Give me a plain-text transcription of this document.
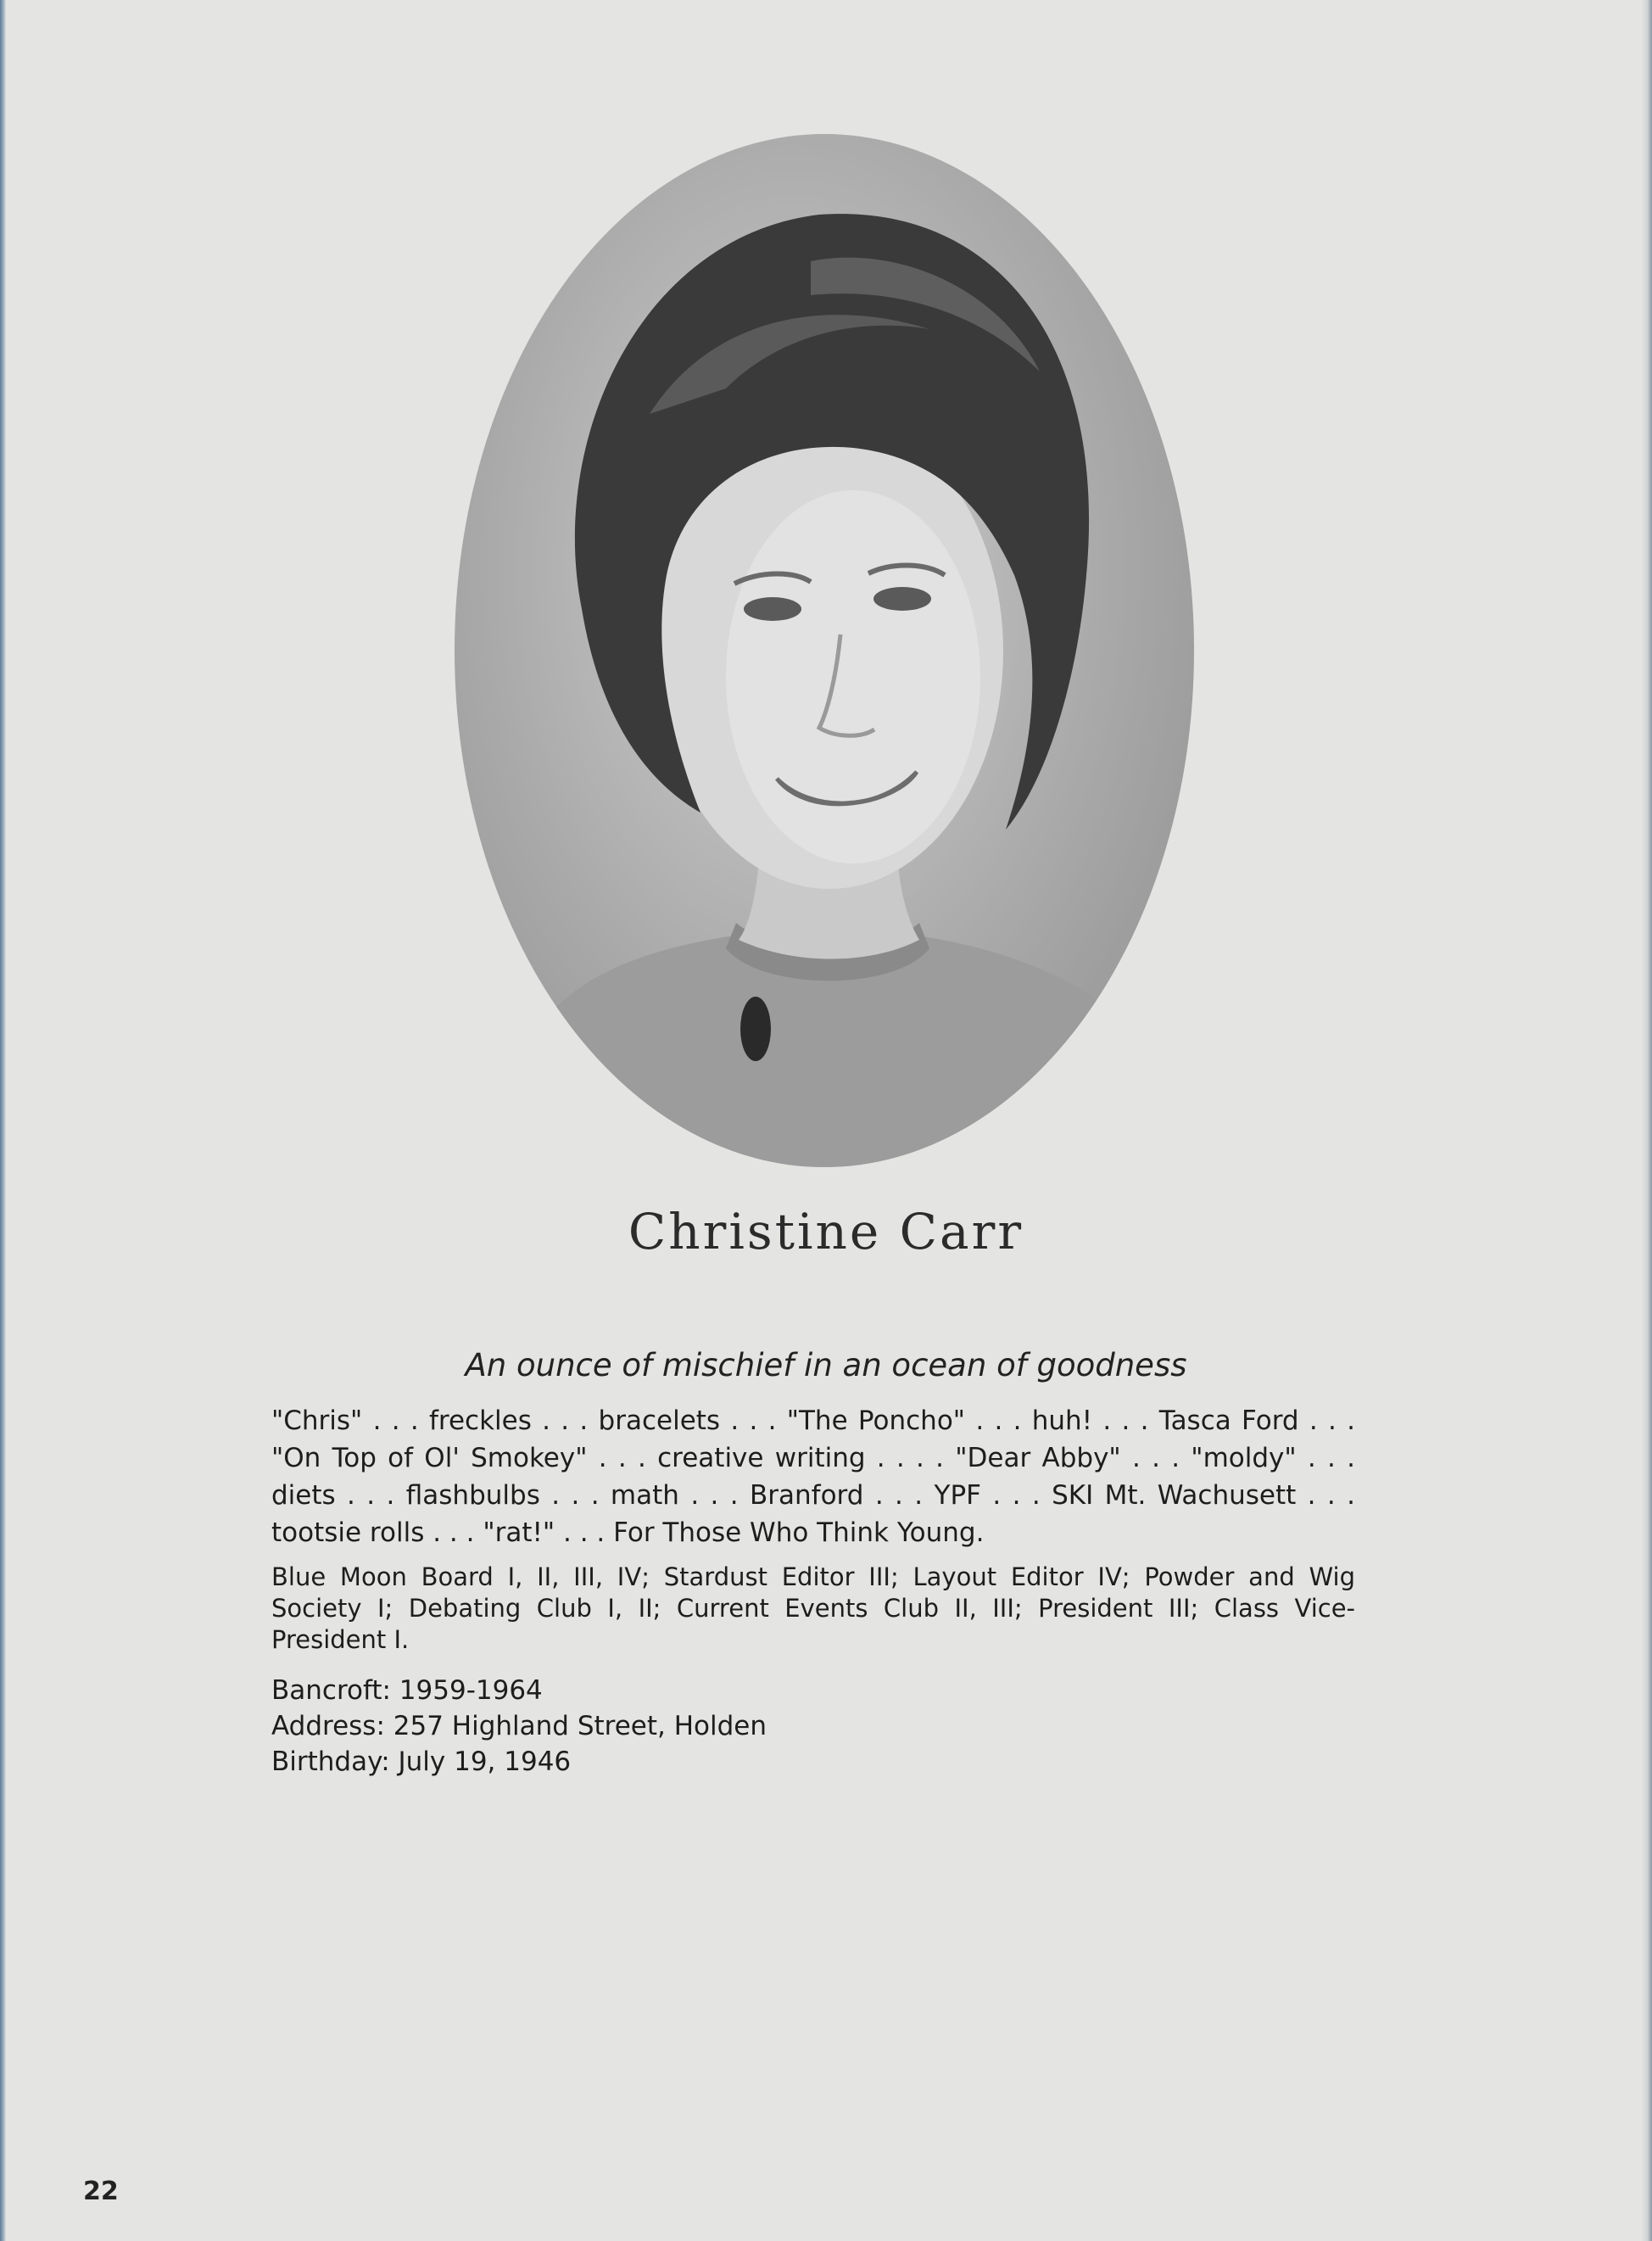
Christine Carr
An ounce of mischief in an ocean of goodness
"Chris" . . . freckles . . . bracelets . . . "The Poncho" . . . huh! . . . Tasca Ford . . . "On Top of Ol' Smokey" . . . creative writing . . . . "Dear Abby" . . . "moldy" . . . diets . . . flashbulbs . . . math . . . Branford . . . YPF . . . SKI Mt. Wachusett . . . tootsie rolls . . . "rat!" . . . For Those Who Think Young.
Blue Moon Board I, II, III, IV; Stardust Editor III; Layout Editor IV; Powder and Wig Society I; Debating Club I, II; Current Events Club II, III; President III; Class Vice-President I.
Bancroft: 1959-1964
Address: 257 Highland Street, Holden
Birthday: July 19, 1946
22
